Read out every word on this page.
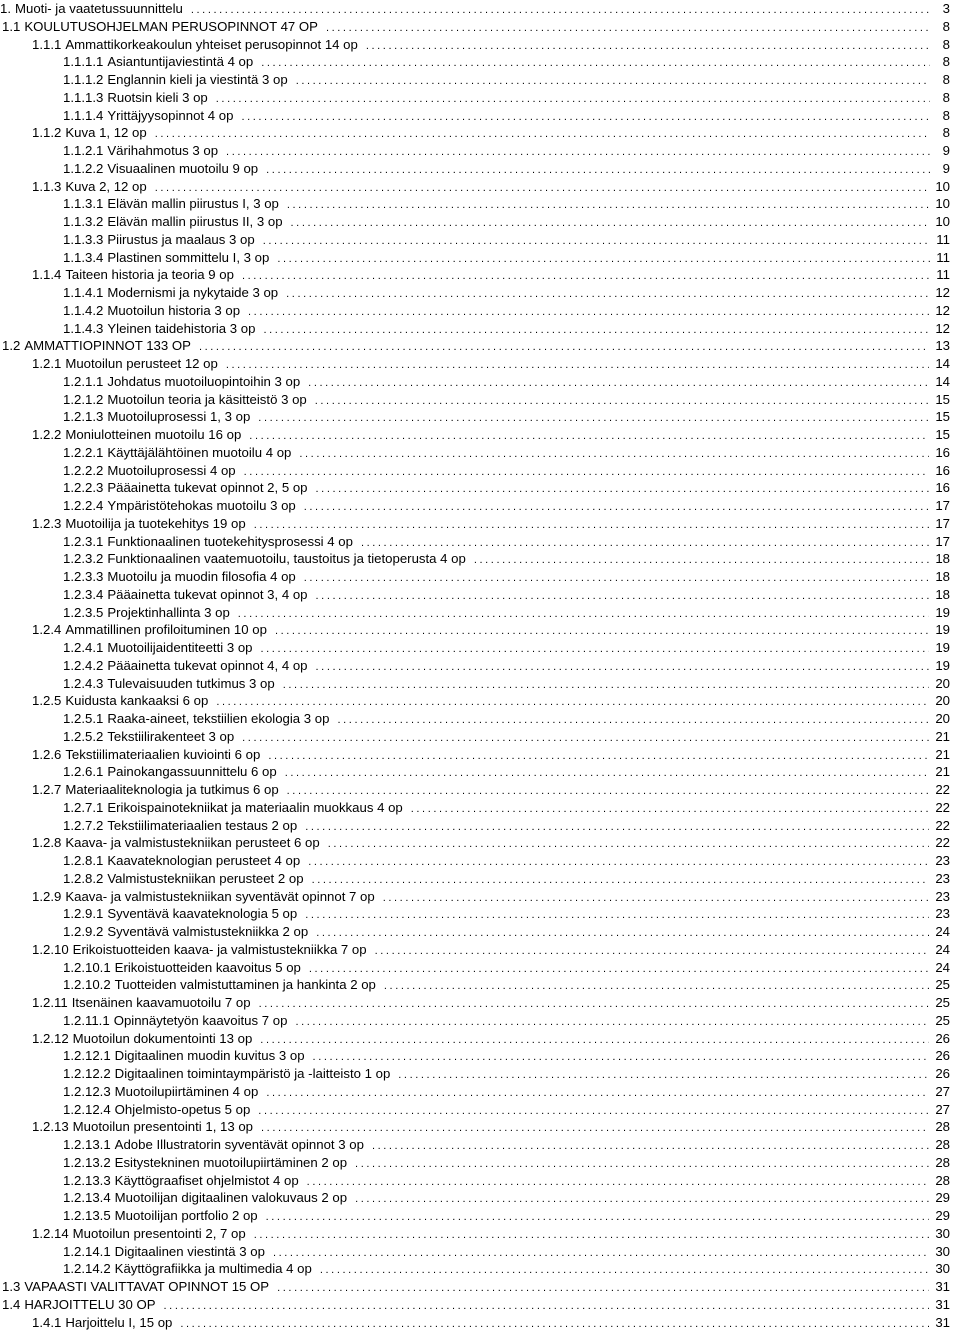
1. Muoti- ja vaatetussuunnittelu .....	3
1.1 KOULUTUSOHJELMAN PERUSOPINNOT 47 OP .....	8
1.1.1 Ammattikorkeakoulun yhteiset perusopinnot 14 op .....	8
1.1.1.1 Asiantuntijaviestintä 4 op .....	8
1.1.1.2 Englannin kieli ja viestintä 3 op .....	8
1.1.1.3 Ruotsin kieli 3 op .....	8
1.1.1.4 Yrittäjyysopinnot 4 op .....	8
1.1.2 Kuva 1, 12 op .....	8
1.1.2.1 Värihahmotus 3 op .....	9
1.1.2.2 Visuaalinen muotoilu 9 op .....	9
1.1.3 Kuva 2, 12 op .....	10
1.1.3.1 Elävän mallin piirustus I, 3 op .....	10
1.1.3.2 Elävän mallin piirustus II, 3 op .....	10
1.1.3.3 Piirustus ja maalaus 3 op .....	11
1.1.3.4 Plastinen sommittelu I, 3 op .....	11
1.1.4 Taiteen historia ja teoria 9 op .....	11
1.1.4.1 Modernismi ja nykytaide 3 op .....	12
1.1.4.2 Muotoilun historia 3 op .....	12
1.1.4.3 Yleinen taidehistoria 3 op .....	12
1.2 AMMATTIOPINNOT 133 OP .....	13
1.2.1 Muotoilun perusteet 12 op .....	14
1.2.1.1 Johdatus muotoiluopintoihin 3 op .....	14
1.2.1.2 Muotoilun teoria ja käsitteistö 3 op .....	15
1.2.1.3 Muotoiluprosessi 1, 3 op .....	15
1.2.2 Moniulotteinen muotoilu 16 op .....	15
1.2.2.1 Käyttäjälähtöinen muotoilu 4 op .....	16
1.2.2.2 Muotoiluprosessi 4 op .....	16
1.2.2.3 Pääainetta tukevat opinnot 2, 5 op .....	16
1.2.2.4 Ympäristötehokas muotoilu 3 op .....	17
1.2.3 Muotoilija ja tuotekehitys 19 op .....	17
1.2.3.1 Funktionaalinen tuotekehitysprosessi 4 op .....	17
1.2.3.2 Funktionaalinen vaatemuotoilu, taustoitus ja tietoperusta 4 op .....	18
1.2.3.3 Muotoilu ja muodin filosofia 4 op .....	18
1.2.3.4 Pääainetta tukevat opinnot 3, 4 op .....	18
1.2.3.5 Projektinhallinta 3 op .....	19
1.2.4 Ammatillinen profiloituminen 10 op .....	19
1.2.4.1 Muotoilijaidentiteetti 3 op .....	19
1.2.4.2 Pääainetta tukevat opinnot 4, 4 op .....	19
1.2.4.3 Tulevaisuuden tutkimus 3 op .....	20
1.2.5 Kuidusta kankaaksi 6 op .....	20
1.2.5.1 Raaka-aineet, tekstiilien ekologia 3 op .....	20
1.2.5.2 Tekstiilirakenteet 3 op .....	21
1.2.6 Tekstiilimateriaalien kuviointi 6 op .....	21
1.2.6.1 Painokangassuunnittelu 6 op .....	21
1.2.7 Materiaaliteknologia ja tutkimus 6 op .....	22
1.2.7.1 Erikoispainotekniikat ja materiaalin muokkaus 4 op .....	22
1.2.7.2 Tekstiilimateriaalien testaus 2 op .....	22
1.2.8 Kaava- ja valmistustekniikan perusteet 6 op .....	22
1.2.8.1 Kaavateknologian perusteet 4 op .....	23
1.2.8.2 Valmistustekniikan perusteet 2 op .....	23
1.2.9 Kaava- ja valmistustekniikan syventävät opinnot 7 op .....	23
1.2.9.1 Syventävä kaavateknologia 5 op .....	23
1.2.9.2 Syventävä valmistustekniikka 2 op .....	24
1.2.10 Erikoistuotteiden kaava- ja valmistustekniikka 7 op .....	24
1.2.10.1 Erikoistuotteiden kaavoitus 5 op .....	24
1.2.10.2 Tuotteiden valmistuttaminen ja hankinta 2 op .....	25
1.2.11 Itsenäinen kaavamuotoilu 7 op .....	25
1.2.11.1 Opinnäytetyön kaavoitus 7 op .....	25
1.2.12 Muotoilun dokumentointi 13 op .....	26
1.2.12.1 Digitaalinen muodin kuvitus 3 op .....	26
1.2.12.2 Digitaalinen toimintaympäristö ja -laitteisto 1 op .....	26
1.2.12.3 Muotoilupiirtäminen 4 op .....	27
1.2.12.4 Ohjelmisto-opetus 5 op .....	27
1.2.13 Muotoilun presentointi 1, 13 op .....	28
1.2.13.1 Adobe Illustratorin syventävät opinnot 3 op .....	28
1.2.13.2 Esitystekninen muotoilupiirtäminen 2 op .....	28
1.2.13.3 Käyttögraafiset ohjelmistot 4 op .....	28
1.2.13.4 Muotoilijan digitaalinen valokuvaus 2 op .....	29
1.2.13.5 Muotoilijan portfolio 2 op .....	29
1.2.14 Muotoilun presentointi 2, 7 op .....	30
1.2.14.1 Digitaalinen viestintä 3 op .....	30
1.2.14.2 Käyttögrafiikka ja multimedia 4 op .....	30
1.3 VAPAASTI VALITTAVAT OPINNOT 15 OP .....	31
1.4 HARJOITTELU 30 OP .....	31
1.4.1 Harjoittelu I, 15 op .....	31
